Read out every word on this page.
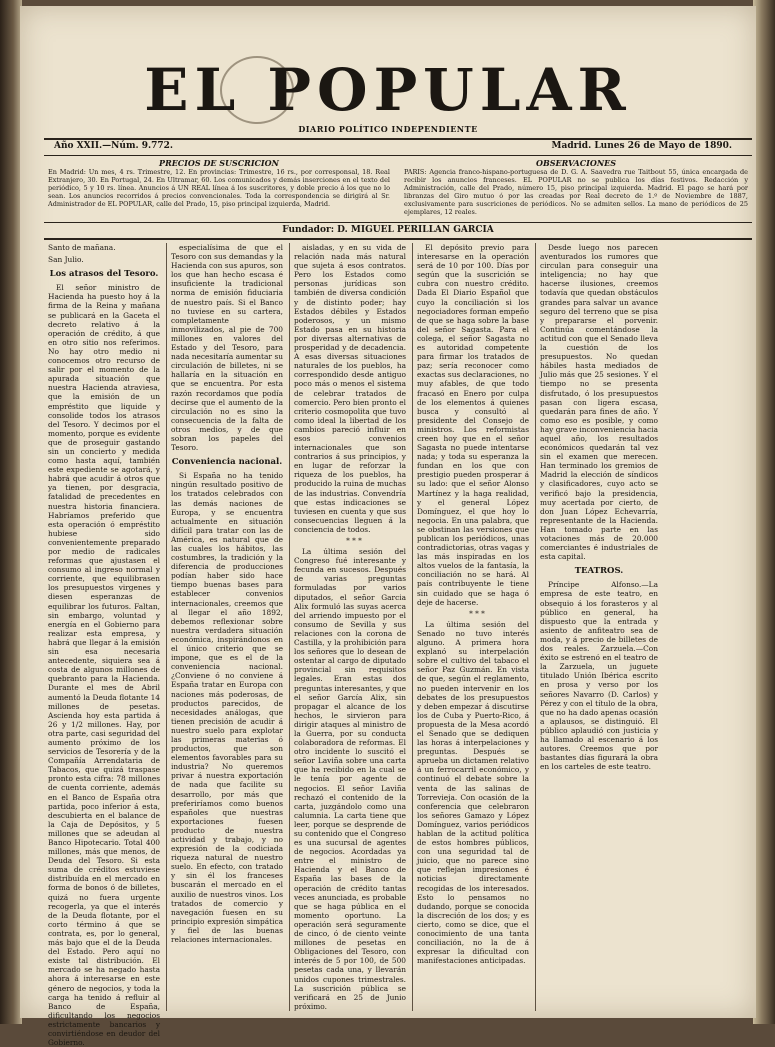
EL POPULAR
DIARIO POLÍTICO INDEPENDIENTE
Año XXII.—Núm. 9.772.	Madrid. Lunes 26 de Mayo de 1890.
PRECIOS DE SUSCRICION
En Madrid: Un mes, 4 rs. Trimestre, 12. En provincias: Trimestre, 16 rs., por corresponsal, 18. Real Extranjero, 30. En Portugal, 24. En Ultramar, 60. Los comunicados y demás inserciones en el texto del periódico, 5 y 10 rs. línea. Anuncios á UN REAL línea á los suscritores, y doble precio á los que no lo sean. Los anuncios recorridos á precios convencionales. Toda la correspondencia se dirigirá al Sr. Administrador de EL POPULAR, calle del Prado, 15, piso principal izquierda, Madrid.
OBSERVACIONES
PARIS: Agencia franco-hispano-portuguesa de D. G. A. Saavedra rue Taitbout 55, única encargada de recibir los anuncios franceses. EL POPULAR no se publica los días festivos. Redacción y Administración, calle del Prado, número 15, piso principal izquierda. Madrid. El pago se hará por libranzas del Giro mutuo ó por las creadas por Real decreto de 1.º de Noviembre de 1887, exclusivamente para suscriciones de periódicos. No se admiten sellos. La mano de periódicos de 25 ejemplares, 12 reales.
Fundador: D. MIGUEL PERILLAN GARCIA

Santo de mañana.

San Julio.

Los atrasos del Tesoro.

El señor ministro de Hacienda ha puesto hoy á la firma de la Reina y mañana se publicará en la Gaceta el decreto relativo á la operación de crédito, á que en otro sitio nos referimos. No hay otro medio ni conocemos otro recurso de salir por el momento de la apurada situación que nuestra Hacienda atraviesa, que la emisión de un empréstito que liquide y consolide todos los atrasos del Tesoro. Y decimos por el momento, porque es evidente que de proseguir gastando sin un concierto y medida como hasta aquí, también este expediente se agotará, y habrá que acudir á otros que ya tienen, por desgracia, fatalidad de precedentes en nuestra historia financiera. Habríamos preferido que esta operación ó empréstito hubiese sido convenientemente preparado por medio de radicales reformas que ajustasen el consumo al ingreso normal y corriente, que equilibrasen los presupuestos virgenes y diesen esperanzas de equilibrar los futuros. Faltan, sin embargo, voluntad y energía en el Gobierno para realizar esta empresa, y habrá que llegar á la emisión sin esa necesaria antecedente, siquiera sea á costa de algunos millones de quebranto para la Hacienda. Durante el mes de Abril aumentó la Deuda flotante 14 millones de pesetas. Ascienda hoy esta partida á 26 y 1/2 millones. Hay, por otra parte, casi seguridad del aumento próximo de los servicios de Tesorería y de la Compañía Arrendataria de Tabacos, que quizá traspase pronto esta cifra: 78 millones de cuenta corriente, además en el Banco de España otra partida, poco inferior á esta, descubierta en el balance de la Caja de Depósitos, y 5 millones que se adeudan al Banco Hipotecario. Total 400 millones, más que menos, de Deuda del Tesoro. Si esta suma de créditos estuviese distribuída en el mercado en forma de bonos ó de billetes, quizá no fuera urgente recogerla, ya que el interés de la Deuda flotante, por el corto término á que se contrata, es, por lo general, más bajo que el de la Deuda del Estado. Pero aquí no existe tal distribución. El mercado se ha negado hasta ahora á interesarse en este género de negocios, y toda la carga ha tenido á refluir al Banco de España, dificultando los negocios estrictamente bancarios y convirtiéndose en deudor del Gobierno.

especialísima de que el Tesoro con sus demandas y la Hacienda con sus apuros, son los que han hecho escasa é insuficiente la tradicional norma de emisión fiduciaria de nuestro país. Si el Banco no tuviese en su cartera, completamente inmovilizados, al pie de 700 millones en valores del Estado y del Tesoro, para nada necesitaría aumentar su circulación de billetes, ni se hallaría en la situación en que se encuentra. Por esta razón recordamos que podía decirse que el aumento de la circulación no es sino la consecuencia de la falta de otros medios, y de que sobran los papeles del Tesoro.

Conveniencia nacional.

Si España no ha tenido ningún resultado positivo de los tratados celebrados con las demás naciones de Europa, y se encuentra actualmente en situación difícil para tratar con las de América, es natural que de las cuales los hábitos, las costumbres, la tradición y la diferencia de producciones podían haber sido hace tiempo buenas bases para establecer convenios internacionales, creemos que al llegar el año 1892, debemos reflexionar sobre nuestra verdadera situación económica, inspirándonos en el único criterio que se impone, que es el de la conveniencia nacional. ¿Conviene ó no conviene á España tratar en Europa con naciones más poderosas, de productos parecidos, de necesidades análogas, que tienen precisión de acudir á nuestro suelo para explotar las primeras materias ó productos, que son elementos favorables para su industria? No queremos privar á nuestra exportación de nada que facilite su desarrollo, por más que preferiríamos como buenos españoles que nuestras exportaciones fuesen producto de nuestra actividad y trabajo, y no expresión de la codiciada riqueza natural de nuestro suelo. En efecto, con tratado y sin él los franceses buscarán el mercado en el auxilio de nuestros vinos. Los tratados de comercio y navegación fuesen en su principio expresión simpática y fiel de las buenas relaciones internacionales.

aisladas, y en su vida de relación nada más natural que sujeta á esos contratos. Pero los Estados como personas jurídicas son también de diversa condición y de distinto poder; hay Estados débiles y Estados poderosos, y un mismo Estado pasa en su historia por diversas alternativas de prosperidad y de decadencia. A esas diversas situaciones naturales de los pueblos, ha correspondido desde antiguo poco más o menos el sistema de celebrar tratados de comercio. Pero bien pronto el criterio cosmopolita que tuvo como ideal la libertad de los cambios pareció influir en esos convenios internacionales que son contrarios á sus principios, y en lugar de reforzar la riqueza de los pueblos, ha producido la ruina de muchas de las industrias. Convendría que estas indicaciones se tuviesen en cuenta y que sus consecuencias lleguen á la conciencia de todos.

* * *

La última sesión del Congreso fué interesante y fecunda en sucesos. Después de varias preguntas formuladas por varios diputados, el señor Garcia Alix formuló las suyas acerca del arriendo impuesto por el consumo de Sevilla y sus relaciones con la corona de Castilla, y la prohibición para los señores que lo desean de ostentar al cargo de diputado provincial sin requisitos legales. Eran estas dos preguntas interesantes, y que el señor García Alix, sin propagar el alcance de los hechos, le sirvieron para dirigir ataques al ministro de la Guerra, por su conducta colaboradora de reformas. El otro incidente lo suscitó el señor Laviña sobre una carta que ha recibido en la cual se le tenía por agente de negocios. El señor Laviña rechazó el contenido de la carta, juzgándolo como una calumnia. La carta tiene que leer, porque se desprende de su contenido que el Congreso es una sucursal de agentes de negocios. Acordadas ya entre el ministro de Hacienda y el Banco de España las bases de la operación de crédito tantas veces anunciada, es probable que se haga pública en el momento oportuno. La operación será seguramente de cinco, ó de ciento veinte millones de pesetas en Obligaciones del Tesoro, con interés de 5 por 100, de 500 pesetas cada una, y llevarán unidos cupones trimestrales. La suscrición pública se verificará en 25 de Junio próximo.

El depósito previo para interesarse en la operación será de 10 por 100. Días por según que la suscrición se cubra con nuestro crédito. Dada El Diario Español que cuyo la conciliación si los negociadores forman empeño de que se haga sobre la base del señor Sagasta. Para el colega, el señor Sagasta no es autoridad competente para firmar los tratados de paz; sería reconocer como exactas sus declaraciones, no muy afables, de que todo fracasó en Enero por culpa de los elementos á quienes busca y consultó al presidente del Consejo de ministros. Los reformistas creen hoy que en el señor Sagasta no puede intentarse nada; y toda su esperanza la fundan en los que con prestigio pueden prosperar á su lado: que el señor Alonso Martínez y la haga realidad, y el general López Domínguez, el que hoy lo negocia. En una palabra, que se obstinan las versiones que publican los periódicos, unas contradictorias, otras vagas y las más inspiradas en los altos vuelos de la fantasía, la conciliación no se hará. Al país contribuyente le tiene sin cuidado que se haga ó deje de hacerse.

* * *

La última sesión del Senado no tuvo interés alguno. A primera hora explanó su interpelación sobre el cultivo del tabaco el señor Paz Guzmán. En vista de que, según el reglamento, no pueden intervenir en los debates de los presupuestos y deben empezar á discutirse los de Cuba y Puerto-Rico, á propuesta de la Mesa acordó el Senado que se dediquen las horas á interpelaciones y preguntas. Después se aprueba un dictamen relativo á un ferrocarril económico, y continuó el debate sobre la venta de las salinas de Torrevieja. Con ocasión de la conferencia que celebraron los señores Gamazo y López Domínguez, varios periódicos hablan de la actitud política de estos hombres públicos, con una seguridad tal de juicio, que no parece sino que reflejan impresiones é noticias directamente recogidas de los interesados. Esto lo pensamos no dudando, porque se conocida la discreción de los dos; y es cierto, como se dice, que el conocimiento de una tanta conciliación, no la de á expresar la dificultad con manifestaciones anticipadas.

Desde luego nos parecen aventurados los rumores que circulan para conseguir una inteligencia; no hay que hacerse ilusiones, creemos todavía que quedan obstáculos grandes para salvar un avance seguro del terreno que se pisa y prepararse el porvenir. Continúa comentándose la actitud con que el Senado lleva la cuestión de los presupuestos. No quedan hábiles hasta mediados de Julio más que 25 sesiones. Y el tiempo no se presenta disfrutado, ó los presupuestos pasan con ligera escasa, quedarán para fines de año. Y como eso es posible, y como hay grave inconveniencia hacia aquel año, los resultados económicos quedarán tal vez sin el examen que merecen. Han terminado los gremios de Madrid la elección de síndicos y clasificadores, cuyo acto se verificó bajo la presidencia, muy acertada por cierto, de don Juan López Echevarría, representante de la Hacienda. Han tomado parte en las votaciones más de 20.000 comerciantes é industriales de esta capital.

TEATROS.

Príncipe Alfonso.—La empresa de este teatro, en obsequio á los forasteros y al público en general, ha dispuesto que la entrada y asiento de anfiteatro sea de moda, y á precio de billetes de dos reales. Zarzuela.—Con éxito se estrenó en el teatro de la Zarzuela, un juguete titulado Unión Ibérica escrito en prosa y verso por los señores Navarro (D. Carlos) y Pérez y con el título de la obra, que no ha dado apenas ocasión a aplausos, se distinguió. El público aplaudió con justicia y ha llamado al escenario á los autores. Creemos que por bastantes días figurará la obra en los carteles de este teatro.
